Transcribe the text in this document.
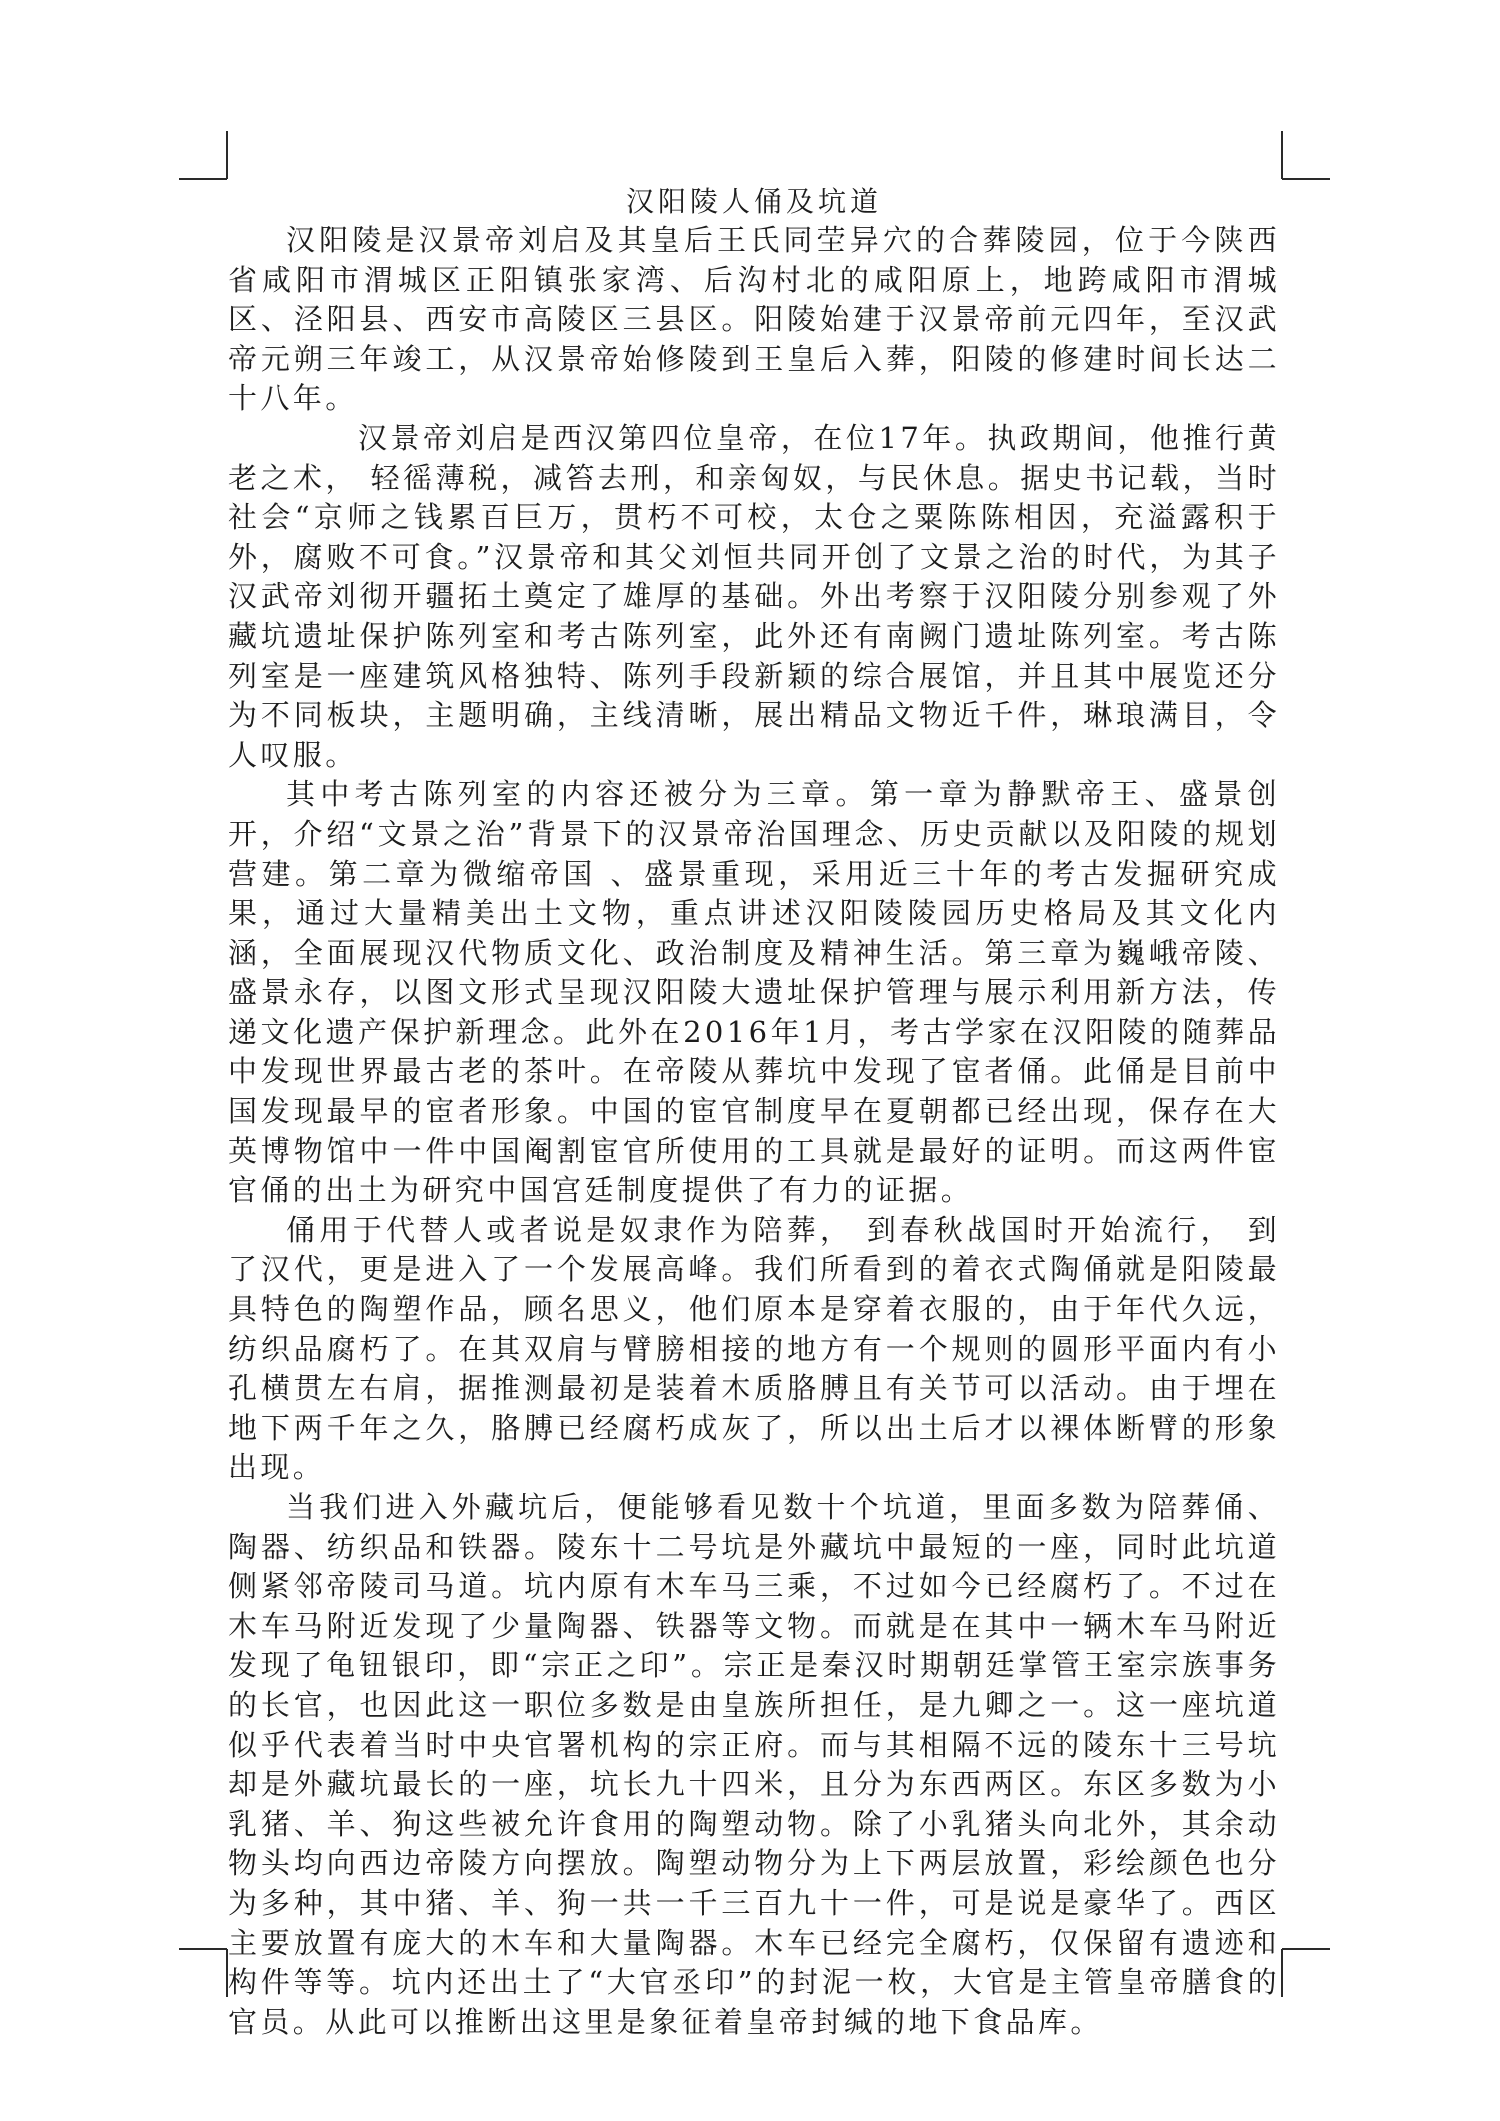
汉阳陵人俑及坑道

汉阳陵是汉景帝刘启及其皇后王氏同茔异穴的合葬陵园，位于今陕西省咸阳市渭城区正阳镇张家湾、后沟村北的咸阳原上，地跨咸阳市渭城区、泾阳县、西安市高陵区三县区。阳陵始建于汉景帝前元四年，至汉武帝元朔三年竣工，从汉景帝始修陵到王皇后入葬，阳陵的修建时间长达二十八年。

汉景帝刘启是西汉第四位皇帝，在位17年。执政期间，他推行黄老之术， 轻徭薄税，减笞去刑，和亲匈奴，与民休息。据史书记载，当时社会“京师之钱累百巨万，贯朽不可校，太仓之粟陈陈相因，充溢露积于外，腐败不可食。”汉景帝和其父刘恒共同开创了文景之治的时代，为其子汉武帝刘彻开疆拓土奠定了雄厚的基础。外出考察于汉阳陵分别参观了外藏坑遗址保护陈列室和考古陈列室，此外还有南阙门遗址陈列室。考古陈列室是一座建筑风格独特、陈列手段新颖的综合展馆，并且其中展览还分为不同板块，主题明确，主线清晰，展出精品文物近千件，琳琅满目，令人叹服。

其中考古陈列室的内容还被分为三章。第一章为静默帝王、盛景创开，介绍“文景之治”背景下的汉景帝治国理念、历史贡献以及阳陵的规划营建。第二章为微缩帝国 、盛景重现，采用近三十年的考古发掘研究成果，通过大量精美出土文物，重点讲述汉阳陵陵园历史格局及其文化内涵，全面展现汉代物质文化、政治制度及精神生活。第三章为巍峨帝陵、盛景永存，以图文形式呈现汉阳陵大遗址保护管理与展示利用新方法，传递文化遗产保护新理念。此外在2016年1月，考古学家在汉阳陵的随葬品中发现世界最古老的茶叶。在帝陵从葬坑中发现了宦者俑。此俑是目前中国发现最早的宦者形象。中国的宦官制度早在夏朝都已经出现，保存在大英博物馆中一件中国阉割宦官所使用的工具就是最好的证明。而这两件宦官俑的出土为研究中国宫廷制度提供了有力的证据。

俑用于代替人或者说是奴隶作为陪葬， 到春秋战国时开始流行， 到了汉代，更是进入了一个发展高峰。我们所看到的着衣式陶俑就是阳陵最具特色的陶塑作品，顾名思义，他们原本是穿着衣服的，由于年代久远，纺织品腐朽了。在其双肩与臂膀相接的地方有一个规则的圆形平面内有小孔横贯左右肩，据推测最初是装着木质胳膊且有关节可以活动。由于埋在地下两千年之久，胳膊已经腐朽成灰了，所以出土后才以裸体断臂的形象出现。

当我们进入外藏坑后，便能够看见数十个坑道，里面多数为陪葬俑、陶器、纺织品和铁器。陵东十二号坑是外藏坑中最短的一座，同时此坑道侧紧邻帝陵司马道。坑内原有木车马三乘，不过如今已经腐朽了。不过在木车马附近发现了少量陶器、铁器等文物。而就是在其中一辆木车马附近发现了龟钮银印，即“宗正之印”。宗正是秦汉时期朝廷掌管王室宗族事务的长官，也因此这一职位多数是由皇族所担任，是九卿之一。这一座坑道似乎代表着当时中央官署机构的宗正府。而与其相隔不远的陵东十三号坑却是外藏坑最长的一座，坑长九十四米，且分为东西两区。东区多数为小乳猪、羊、狗这些被允许食用的陶塑动物。除了小乳猪头向北外，其余动物头均向西边帝陵方向摆放。陶塑动物分为上下两层放置，彩绘颜色也分为多种，其中猪、羊、狗一共一千三百九十一件，可是说是豪华了。西区主要放置有庞大的木车和大量陶器。木车已经完全腐朽，仅保留有遗迹和构件等等。坑内还出土了“大官丞印”的封泥一枚，大官是主管皇帝膳食的官员。从此可以推断出这里是象征着皇帝封缄的地下食品库。
